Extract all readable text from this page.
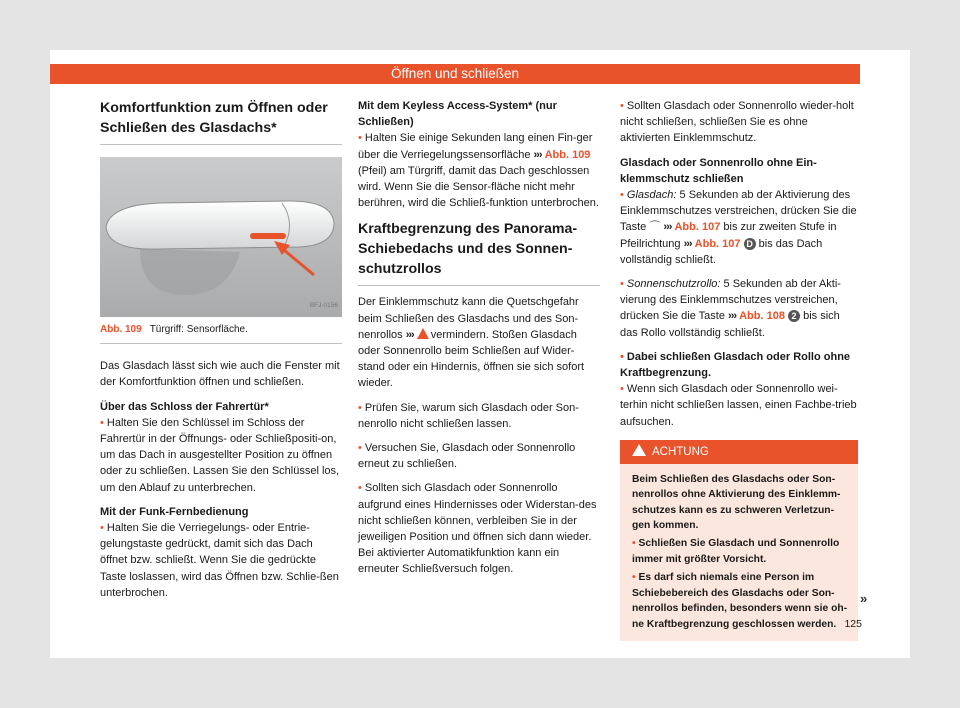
Öffnen und schließen
Komfortfunktion zum Öffnen oder Schließen des Glasdachs*
BFJ-0156
Abb. 109 Türgriff: Sensorfläche.

Das Glasdach lässt sich wie auch die Fenster mit der Komfortfunktion öffnen und schließen.

Über das Schloss der Fahrertür*

• Halten Sie den Schlüssel im Schloss der Fahrertür in der Öffnungs- oder Schließpositi-on, um das Dach in ausgestellter Position zu öffnen oder zu schließen. Lassen Sie den Schlüssel los, um den Ablauf zu unterbrechen.

Mit der Funk-Fernbedienung

• Halten Sie die Verriegelungs- oder Entrie-gelungstaste gedrückt, damit sich das Dach öffnet bzw. schließt. Wenn Sie die gedrückte Taste loslassen, wird das Öffnen bzw. Schlie-ßen unterbrochen.

Mit dem Keyless Access-System* (nur Schließen)

• Halten Sie einige Sekunden lang einen Fin-ger über die Verriegelungssensorfläche ››› Abb. 109 (Pfeil) am Türgriff, damit das Dach geschlossen wird. Wenn Sie die Sensor-fläche nicht mehr berühren, wird die Schließ-funktion unterbrochen.

Kraftbegrenzung des Panorama-Schiebedachs und des Sonnen-schutzrollos

Der Einklemmschutz kann die Quetschgefahr beim Schließen des Glasdachs und des Son-nenrollos ››› vermindern. Stoßen Glasdach oder Sonnenrollo beim Schließen auf Wider-stand oder ein Hindernis, öffnen sie sich sofort wieder.

• Prüfen Sie, warum sich Glasdach oder Son-nenrollo nicht schließen lassen.

• Versuchen Sie, Glasdach oder Sonnenrollo erneut zu schließen.

• Sollten sich Glasdach oder Sonnenrollo aufgrund eines Hindernisses oder Widerstan-des nicht schließen können, verbleiben Sie in der jeweiligen Position und öffnen sich dann wieder. Bei aktivierter Automatikfunktion kann ein erneuter Schließversuch folgen.

• Sollten Glasdach oder Sonnenrollo wieder-holt nicht schließen, schließen Sie es ohne aktivierten Einklemmschutz.

Glasdach oder Sonnenrollo ohne Ein-klemmschutz schließen

• Glasdach: 5 Sekunden ab der Aktivierung des Einklemmschutzes verstreichen, drücken Sie die Taste ⌒ ››› Abb. 107 bis zur zweiten Stufe in Pfeilrichtung ››› Abb. 107 D bis das Dach vollständig schließt.

• Sonnenschutzrollo: 5 Sekunden ab der Akti-vierung des Einklemmschutzes verstreichen, drücken Sie die Taste ››› Abb. 108 2 bis sich das Rollo vollständig schließt.

• Dabei schließen Glasdach oder Rollo ohne Kraftbegrenzung.

• Wenn sich Glasdach oder Sonnenrollo wei-terhin nicht schließen lassen, einen Fachbe-trieb aufsuchen.

ACHTUNG

Beim Schließen des Glasdachs oder Son-nenrollos ohne Aktivierung des Einklemm-schutzes kann es zu schweren Verletzun-gen kommen.

• Schließen Sie Glasdach und Sonnenrollo immer mit größter Vorsicht.

• Es darf sich niemals eine Person im Schiebebereich des Glasdachs oder Son-nenrollos befinden, besonders wenn sie oh-ne Kraftbegrenzung geschlossen werden.

»
125
